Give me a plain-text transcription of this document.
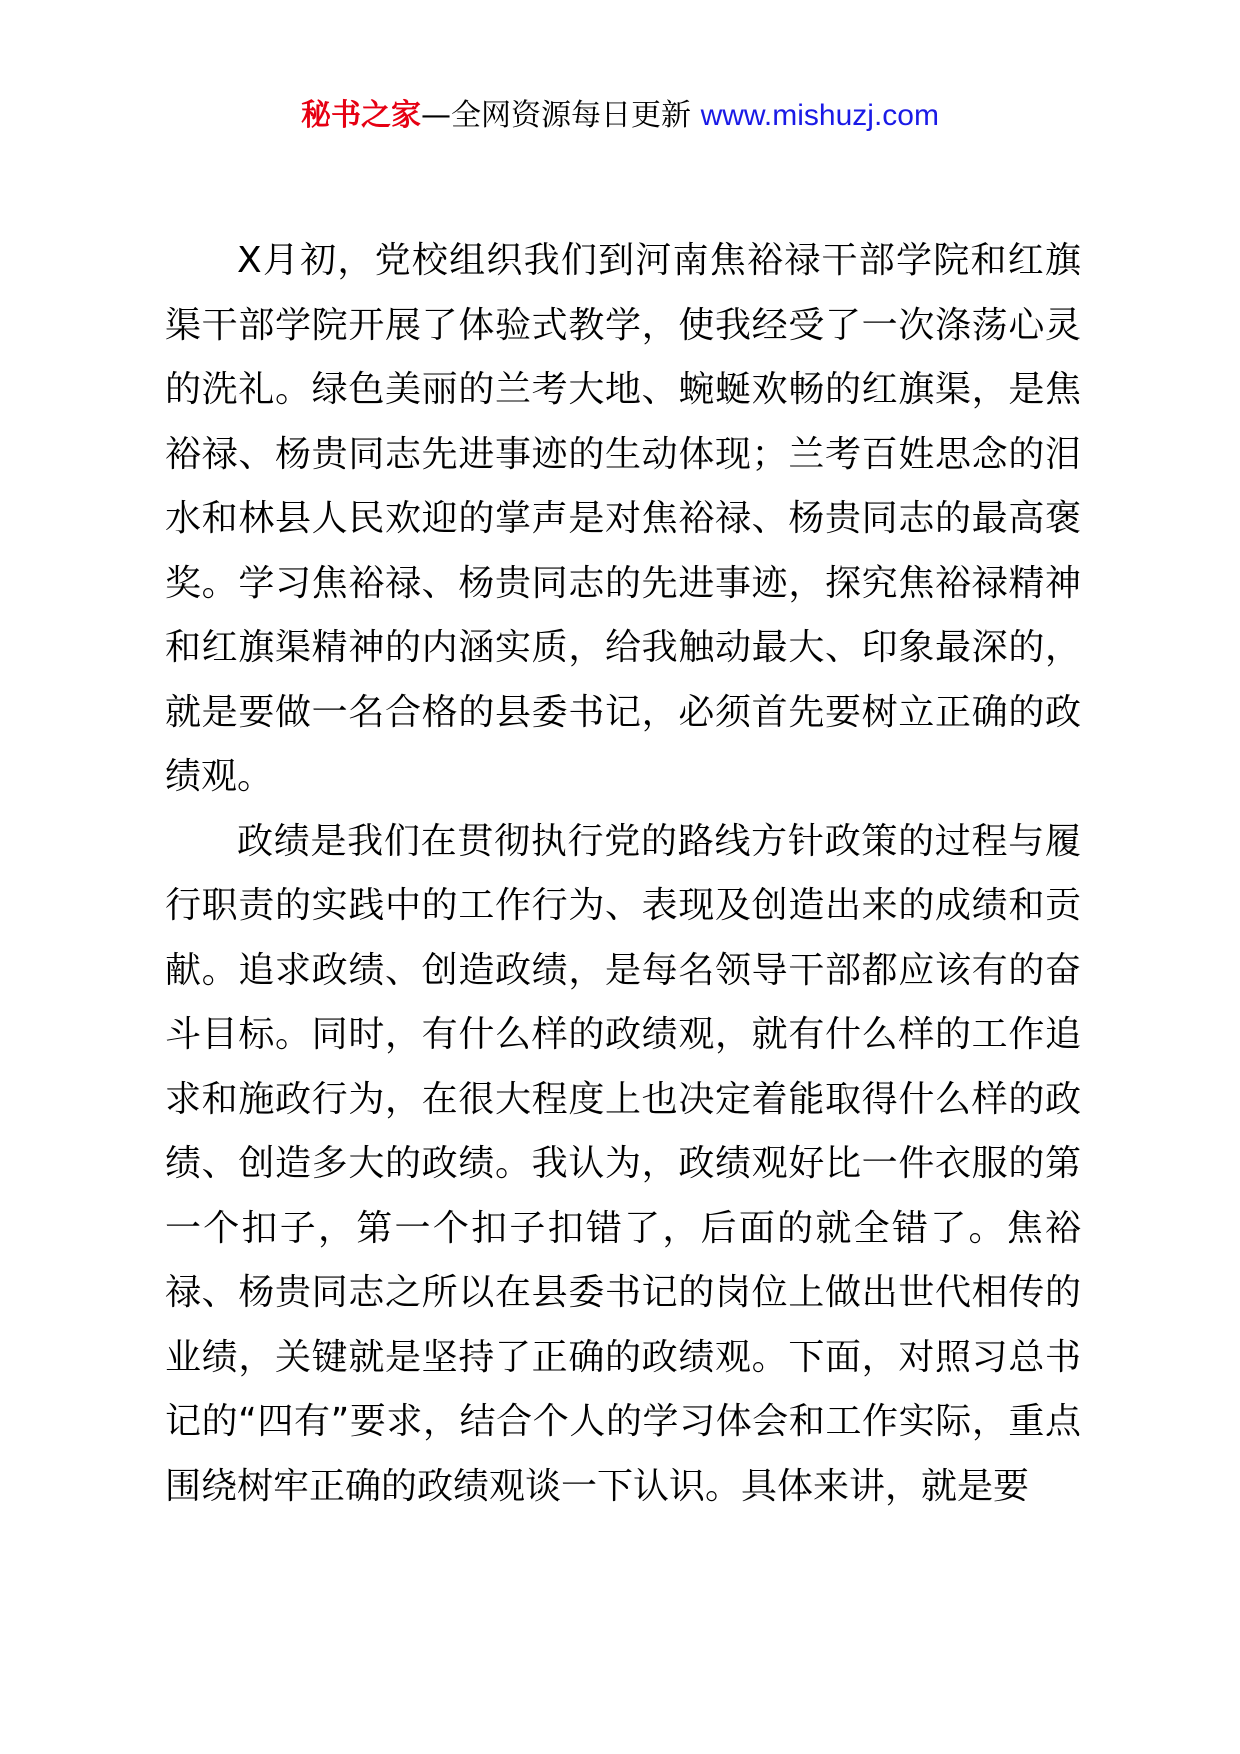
秘书之家—全网资源每日更新 www.mishuzj.com

X月初，党校组织我们到河南焦裕禄干部学院和红旗渠干部学院开展了体验式教学，使我经受了一次涤荡心灵的洗礼。绿色美丽的兰考大地、蜿蜒欢畅的红旗渠，是焦裕禄、杨贵同志先进事迹的生动体现；兰考百姓思念的泪水和林县人民欢迎的掌声是对焦裕禄、杨贵同志的最高褒奖。学习焦裕禄、杨贵同志的先进事迹，探究焦裕禄精神和红旗渠精神的内涵实质，给我触动最大、印象最深的，就是要做一名合格的县委书记，必须首先要树立正确的政绩观。

政绩是我们在贯彻执行党的路线方针政策的过程与履行职责的实践中的工作行为、表现及创造出来的成绩和贡献。追求政绩、创造政绩，是每名领导干部都应该有的奋斗目标。同时，有什么样的政绩观，就有什么样的工作追求和施政行为，在很大程度上也决定着能取得什么样的政绩、创造多大的政绩。我认为，政绩观好比一件衣服的第一个扣子，第一个扣子扣错了，后面的就全错了。焦裕禄、杨贵同志之所以在县委书记的岗位上做出世代相传的业绩，关键就是坚持了正确的政绩观。下面，对照习总书记的“四有”要求，结合个人的学习体会和工作实际，重点围绕树牢正确的政绩观谈一下认识。具体来讲，就是要
